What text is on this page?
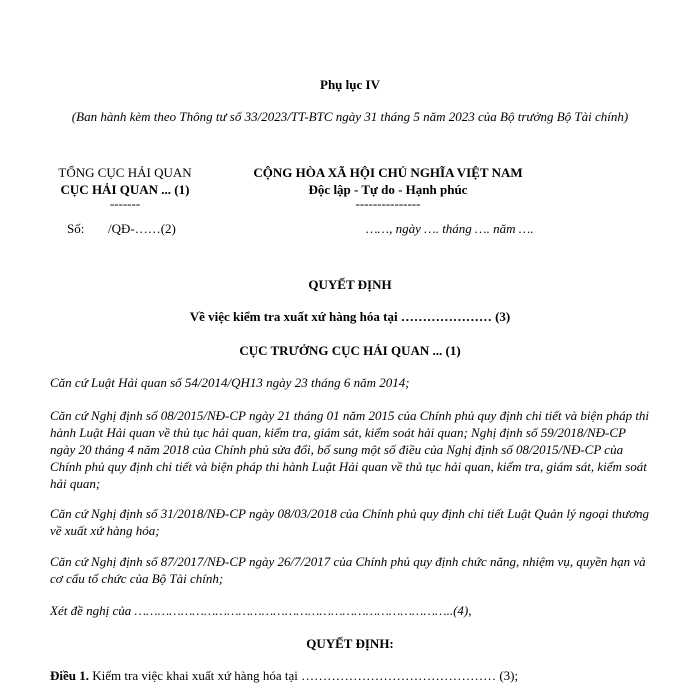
Phụ lục IV
(Ban hành kèm theo Thông tư số 33/2023/TT-BTC ngày 31 tháng 5 năm 2023 của Bộ trưởng Bộ Tài chính)
TỔNG CỤC HẢI QUAN
CỤC HẢI QUAN ... (1)
-------
Số: /QĐ-……(2)
CỘNG HÒA XÃ HỘI CHỦ NGHĨA VIỆT NAM
Độc lập - Tự do - Hạnh phúc
---------------
……, ngày …. tháng …. năm ….
QUYẾT ĐỊNH
Về việc kiểm tra xuất xứ hàng hóa tại ………………… (3)
CỤC TRƯỞNG CỤC HẢI QUAN ... (1)
Căn cứ Luật Hải quan số 54/2014/QH13 ngày 23 tháng 6 năm 2014;
Căn cứ Nghị định số 08/2015/NĐ-CP ngày 21 tháng 01 năm 2015 của Chính phủ quy định chi tiết và biện pháp thi hành Luật Hải quan về thủ tục hải quan, kiểm tra, giám sát, kiểm soát hải quan; Nghị định số 59/2018/NĐ-CP ngày 20 tháng 4 năm 2018 của Chính phủ sửa đổi, bổ sung một số điều của Nghị định số 08/2015/NĐ-CP của Chính phủ quy định chi tiết và biện pháp thi hành Luật Hải quan về thủ tục hải quan, kiểm tra, giám sát, kiểm soát hải quan;
Căn cứ Nghị định số 31/2018/NĐ-CP ngày 08/03/2018 của Chính phủ quy định chi tiết Luật Quản lý ngoại thương về xuất xứ hàng hóa;
Căn cứ Nghị định số 87/2017/NĐ-CP ngày 26/7/2017 của Chính phủ quy định chức năng, nhiệm vụ, quyền hạn và cơ cấu tổ chức của Bộ Tài chính;
Xét đề nghị của ………………………………………………………………………..(4),
QUYẾT ĐỊNH:
Điều 1. Kiểm tra việc khai xuất xứ hàng hóa tại ……………………………………… (3);
